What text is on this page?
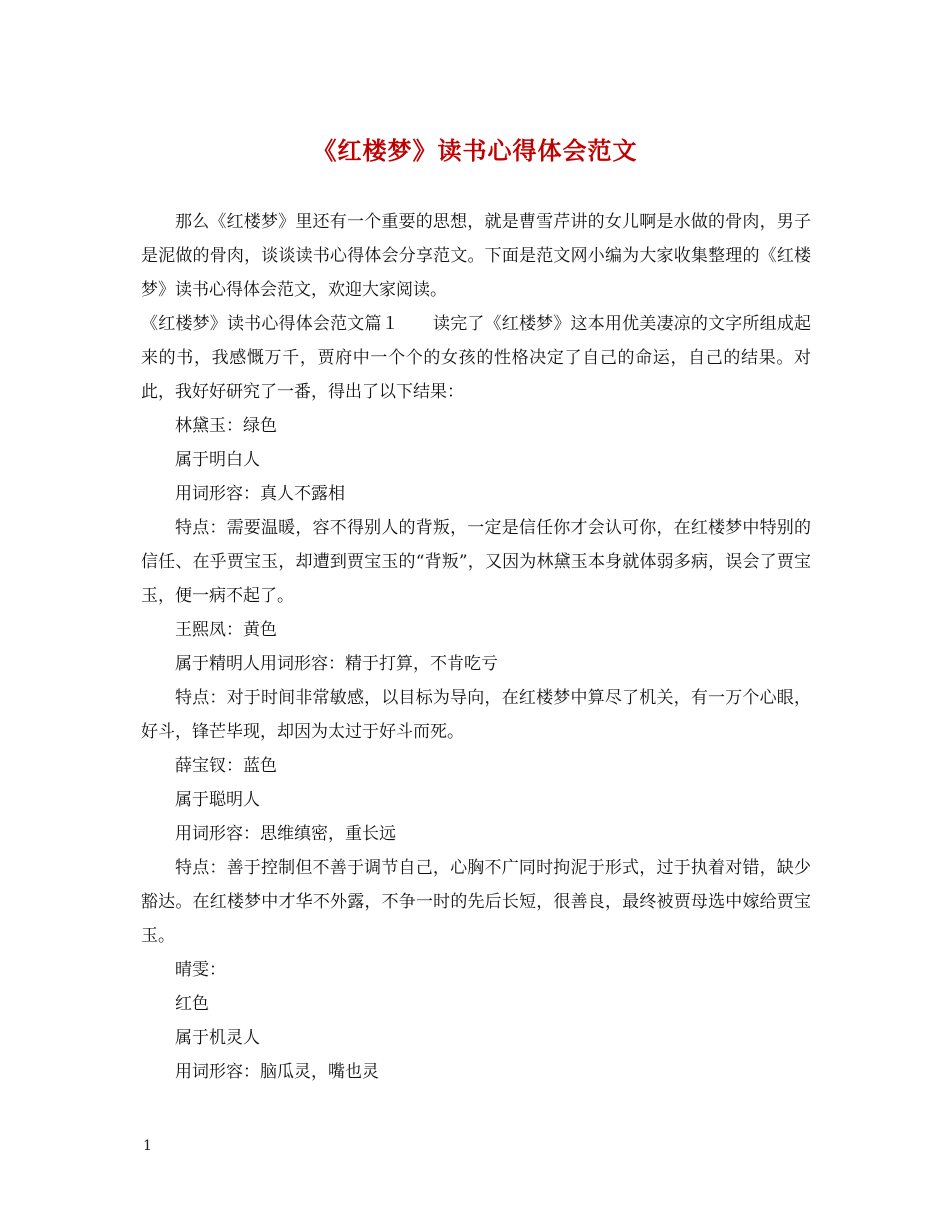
《红楼梦》读书心得体会范文

那么《红楼梦》里还有一个重要的思想，就是曹雪芹讲的女儿啊是水做的骨肉，男子是泥做的骨肉，谈谈读书心得体会分享范文。下面是范文网小编为大家收集整理的《红楼梦》读书心得体会范文，欢迎大家阅读。

《红楼梦》读书心得体会范文篇１ 读完了《红楼梦》这本用优美凄凉的文字所组成起来的书，我感慨万千，贾府中一个个的女孩的性格决定了自己的命运，自己的结果。对此，我好好研究了一番，得出了以下结果：

林黛玉：绿色

属于明白人

用词形容：真人不露相

特点：需要温暖，容不得别人的背叛，一定是信任你才会认可你，在红楼梦中特别的信任、在乎贾宝玉，却遭到贾宝玉的“背叛”，又因为林黛玉本身就体弱多病，误会了贾宝玉，便一病不起了。

王熙凤：黄色

属于精明人用词形容：精于打算，不肯吃亏

特点：对于时间非常敏感，以目标为导向，在红楼梦中算尽了机关，有一万个心眼，好斗，锋芒毕现，却因为太过于好斗而死。

薛宝钗：蓝色

属于聪明人

用词形容：思维缜密，重长远

特点：善于控制但不善于调节自己，心胸不广同时拘泥于形式，过于执着对错，缺少豁达。在红楼梦中才华不外露，不争一时的先后长短，很善良，最终被贾母选中嫁给贾宝玉。

晴雯：

红色

属于机灵人

用词形容：脑瓜灵，嘴也灵

1
